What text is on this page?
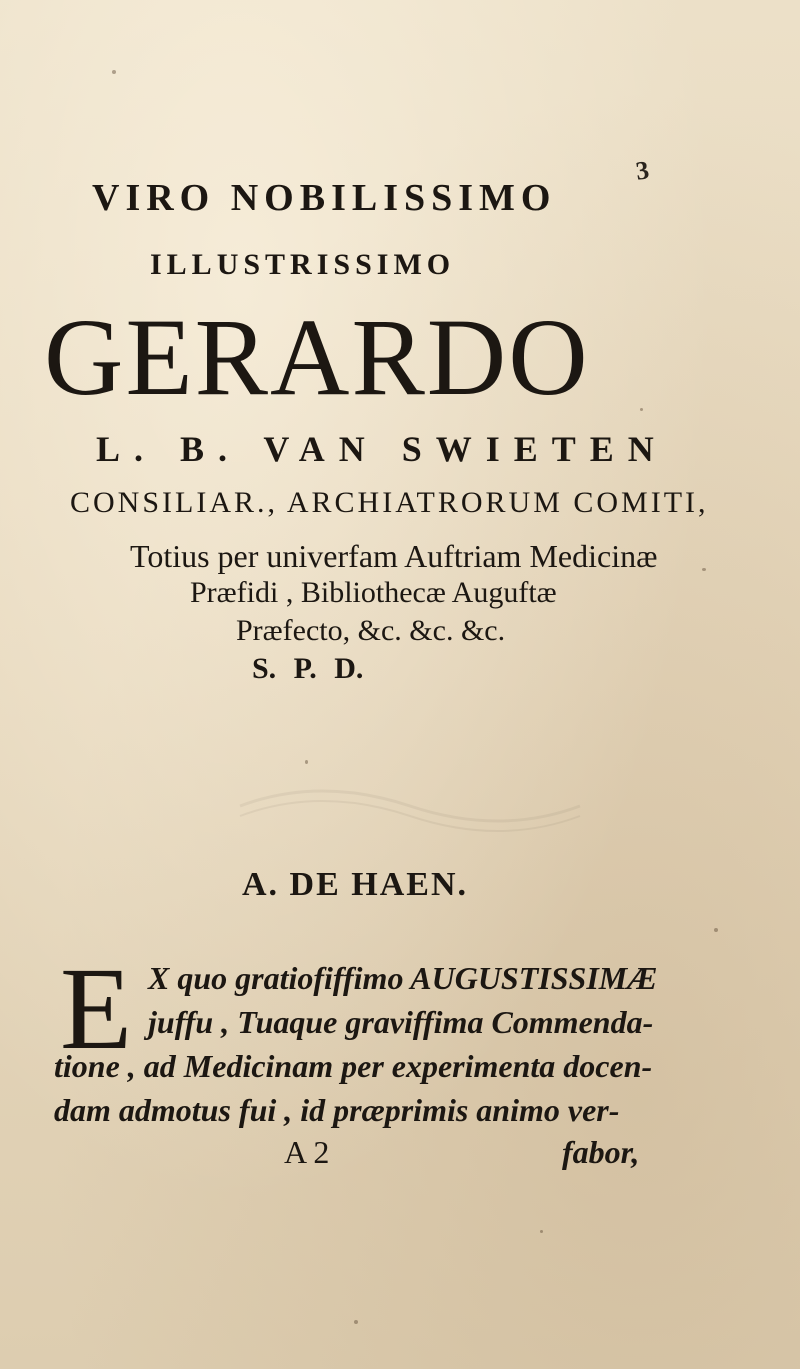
3
VIRO NOBILISSIMO
ILLUSTRISSIMO
GERARDO
L. B. VAN SWIETEN
CONSILIAR., ARCHIATRORUM COMITI,
Totius per univerfam Auftriam Medicinæ
Præfidi , Bibliothecæ Auguftæ
Præfecto, &c. &c. &c.
S. P. D.
A. DE HAEN.
E X quo gratiofiffimo AUGUSTISSIMÆ
juffu , Tuaque graviffima Commenda-
tione , ad Medicinam per experimenta docen-
dam admotus fui , id præprimis animo ver-
A 2	fabor,
